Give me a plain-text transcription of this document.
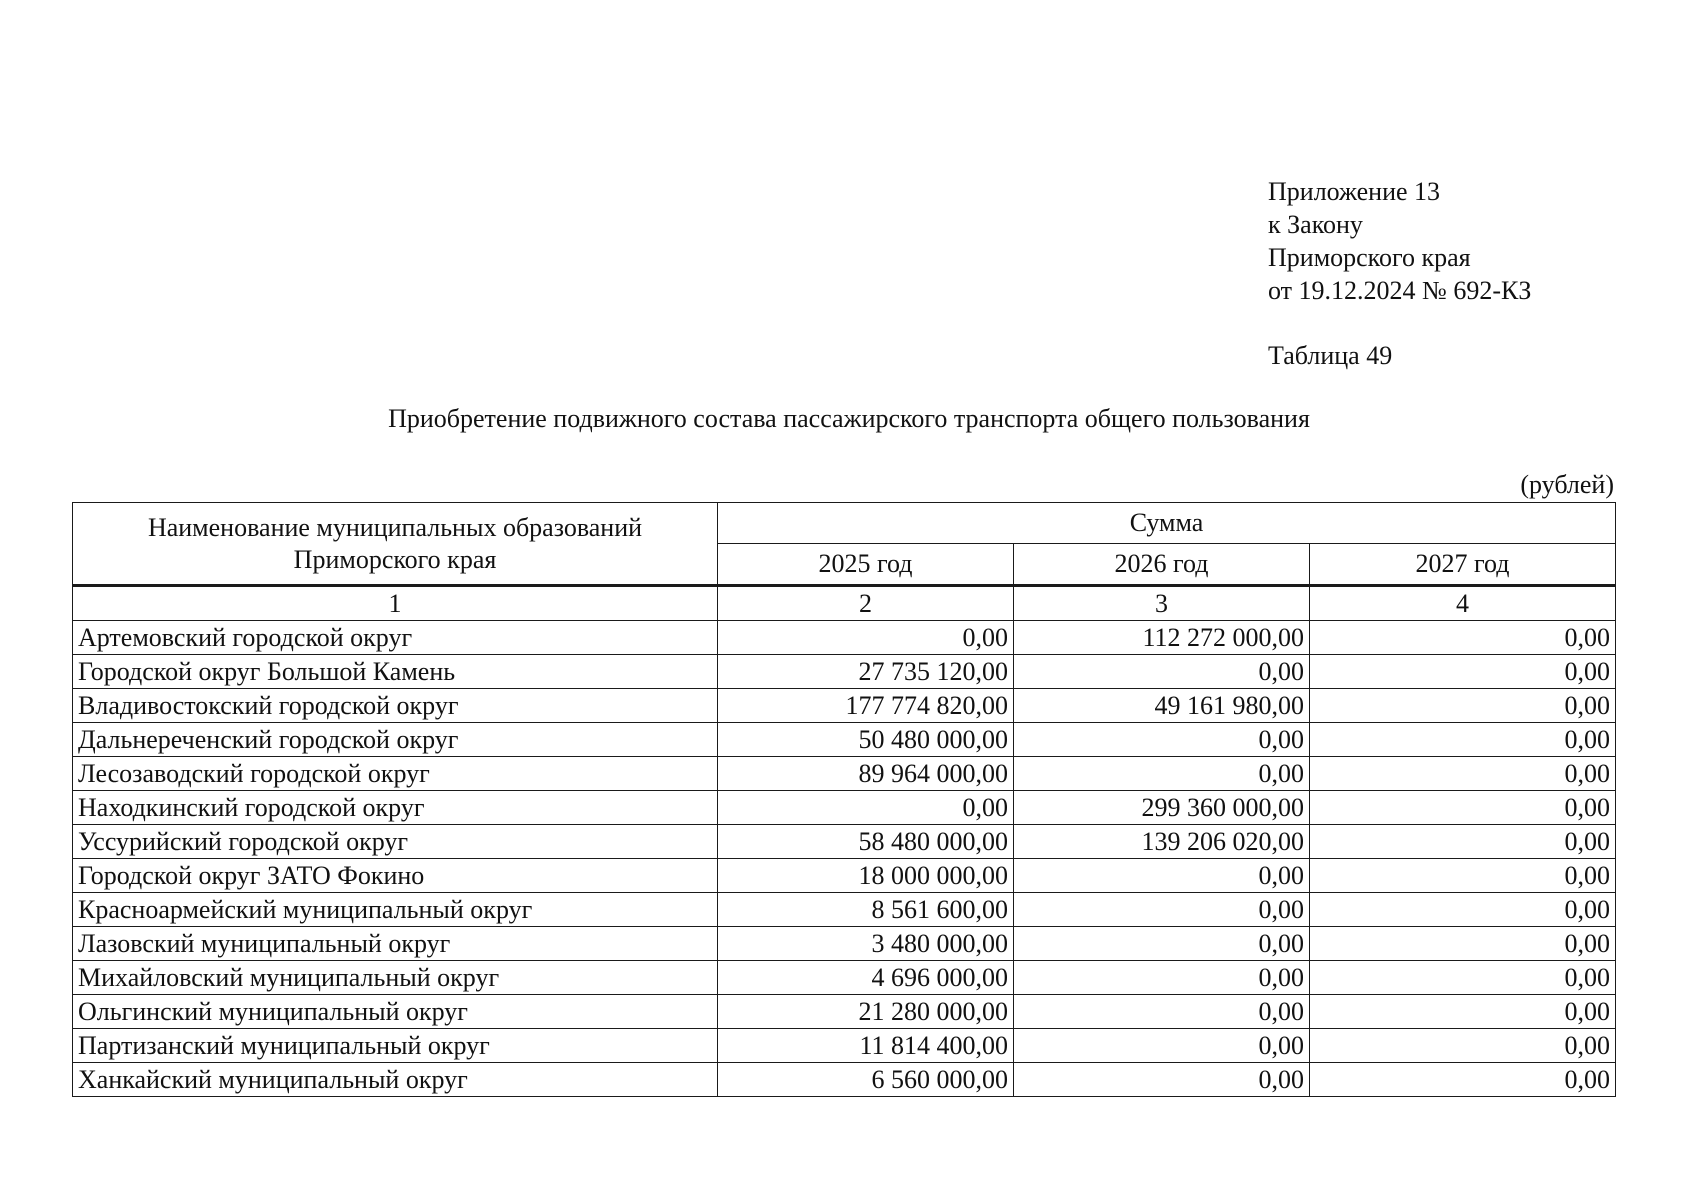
Приложение 13
к Закону
Приморского края
от 19.12.2024 № 692-КЗ
Таблица 49
Приобретение подвижного состава пассажирского транспорта общего пользования
(рублей)
Наименование муниципальных образований Приморского края	Сумма		
	2025 год	2026 год	2027 год
1	2	3	4
Артемовский городской округ	0,00	112 272 000,00	0,00
Городской округ Большой Камень	27 735 120,00	0,00	0,00
Владивостокский городской округ	177 774 820,00	49 161 980,00	0,00
Дальнереченский городской округ	50 480 000,00	0,00	0,00
Лесозаводский городской округ	89 964 000,00	0,00	0,00
Находкинский городской округ	0,00	299 360 000,00	0,00
Уссурийский городской округ	58 480 000,00	139 206 020,00	0,00
Городской округ ЗАТО Фокино	18 000 000,00	0,00	0,00
Красноармейский муниципальный округ	8 561 600,00	0,00	0,00
Лазовский муниципальный округ	3 480 000,00	0,00	0,00
Михайловский муниципальный округ	4 696 000,00	0,00	0,00
Ольгинский муниципальный округ	21 280 000,00	0,00	0,00
Партизанский муниципальный округ	11 814 400,00	0,00	0,00
Ханкайский муниципальный округ	6 560 000,00	0,00	0,00
